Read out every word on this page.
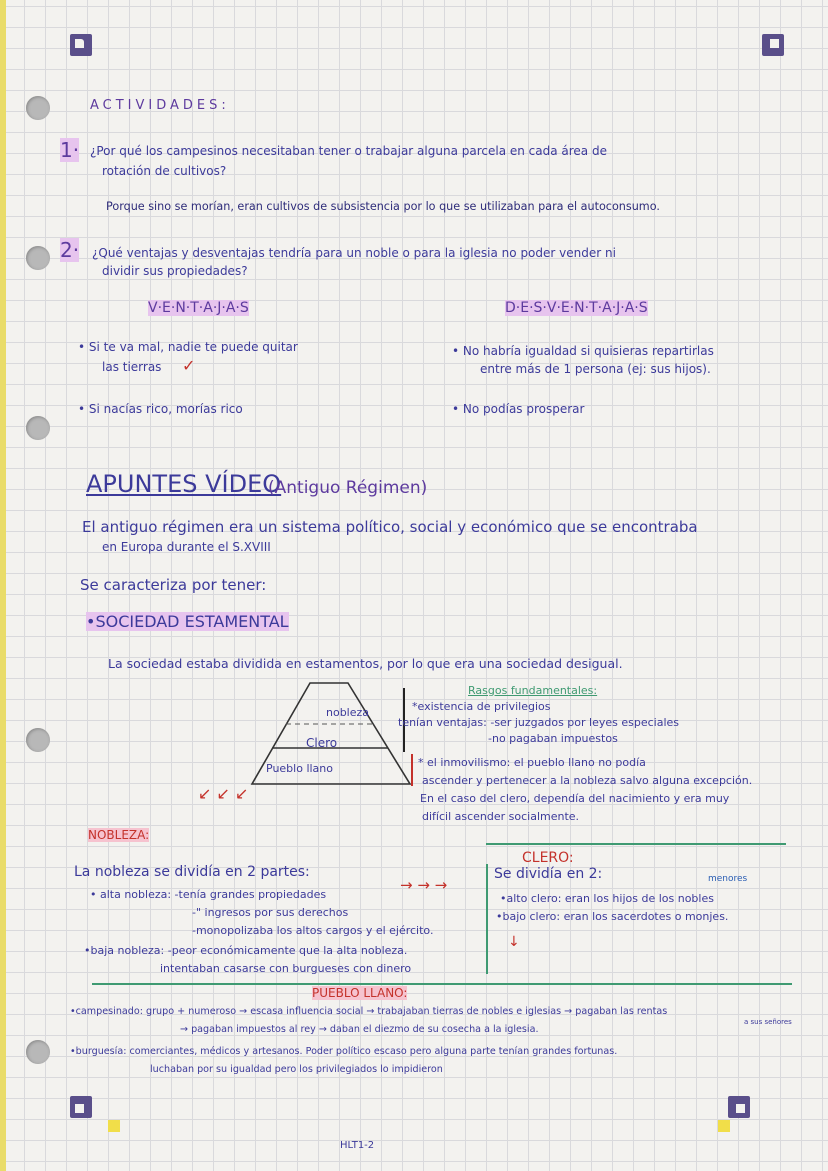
ACTIVIDADES:
1· ¿Por qué los campesinos necesitaban tener o trabajar alguna parcela en cada área de
rotación de cultivos?
Porque sino se morían, eran cultivos de subsistencia por lo que se utilizaban para el autoconsumo.
2· ¿Qué ventajas y desventajas tendría para un noble o para la iglesia no poder vender ni
dividir sus propiedades?
V·E·N·T·A·J·A·S	D·E·S·V·E·N·T·A·J·A·S
• Si te va mal, nadie te puede quitar
las tierras ✓
• Si nacías rico, morías rico
• No habría igualdad si quisieras repartirlas
entre más de 1 persona (ej: sus hijos).
• No podías prosperar
APUNTES VÍDEO
(Antiguo Régimen)
El antiguo régimen era un sistema político, social y económico que se encontraba
en Europa durante el S.XVIII
Se caracteriza por tener:
•SOCIEDAD ESTAMENTAL
La sociedad estaba dividida en estamentos, por lo que era una sociedad desigual.
nobleza
Clero
Pueblo llano
Rasgos fundamentales:
*existencia de privilegios
tenían ventajas: -ser juzgados por leyes especiales
-no pagaban impuestos
* el inmovilismo: el pueblo llano no podía
ascender y pertenecer a la nobleza salvo alguna excepción.
En el caso del clero, dependía del nacimiento y era muy
difícil ascender socialmente.
↙ ↙ ↙
NOBLEZA:
La nobleza se dividía en 2 partes:
• alta nobleza: -tenía grandes propiedades
-" ingresos por sus derechos
-monopolizaba los altos cargos y el ejército.
•baja nobleza: -peor económicamente que la alta nobleza.
intentaban casarse con burgueses con dinero
→ → →
CLERO:
Se dividía en 2:	menores
•alto clero: eran los hijos de los nobles
•bajo clero: eran los sacerdotes o monjes.
↓
PUEBLO LLANO:
•campesinado: grupo + numeroso → escasa influencia social → trabajaban tierras de nobles e iglesias → pagaban las rentas
a sus señores
→ pagaban impuestos al rey → daban el diezmo de su cosecha a la iglesia.
•burguesía: comerciantes, médicos y artesanos. Poder político escaso pero alguna parte tenían grandes fortunas.
luchaban por su igualdad pero los privilegiados lo impidieron
HLT1-2
